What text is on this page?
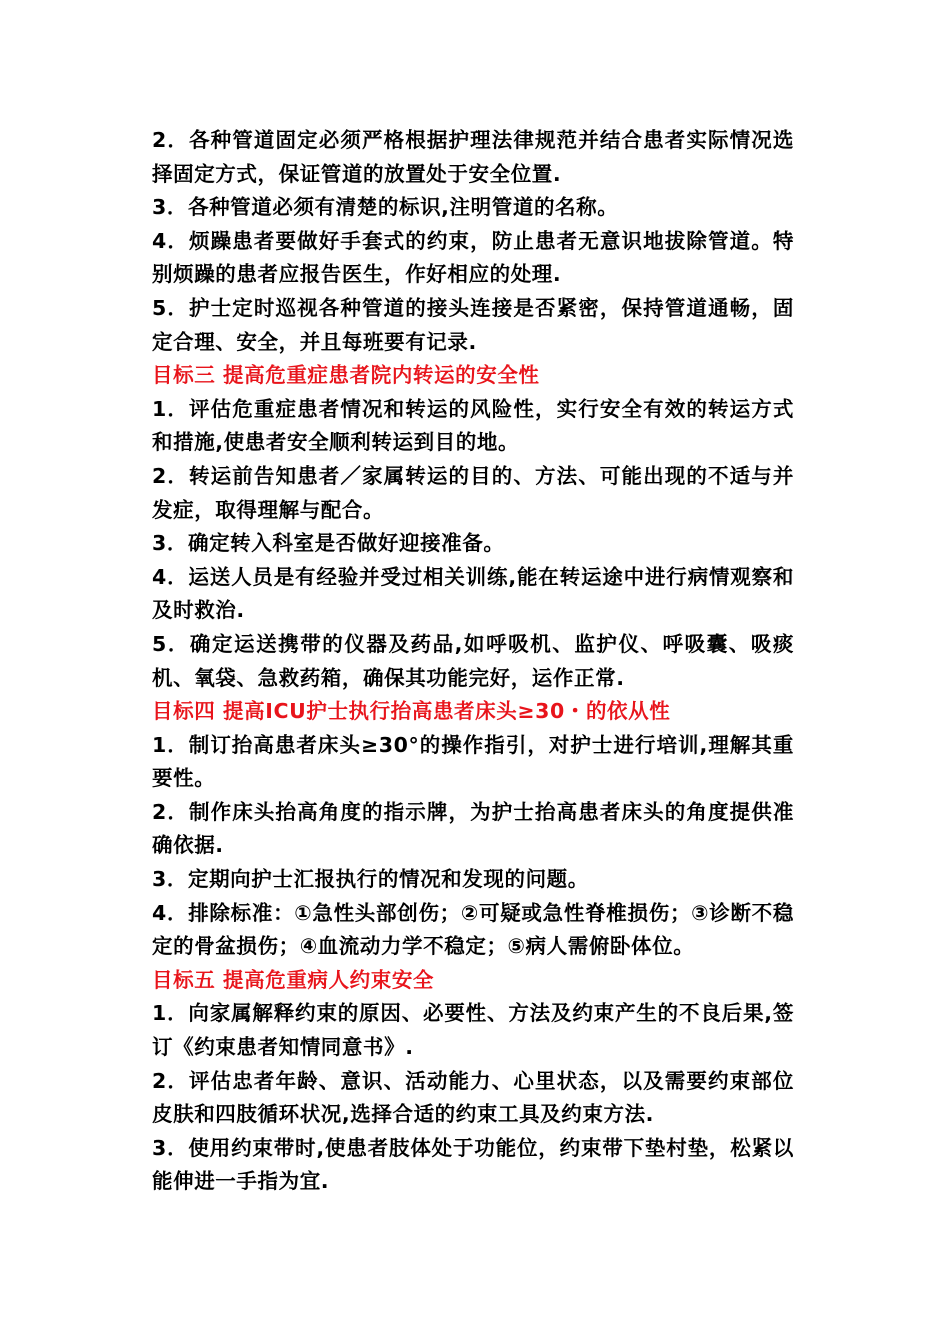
2．各种管道固定必须严格根据护理法律规范并结合患者实际情况选择固定方式，保证管道的放置处于安全位置.

3．各种管道必须有清楚的标识,注明管道的名称。

4．烦躁患者要做好手套式的约束，防止患者无意识地拔除管道。特别烦躁的患者应报告医生，作好相应的处理.

5．护士定时巡视各种管道的接头连接是否紧密，保持管道通畅，固定合理、安全，并且每班要有记录.

目标三 提高危重症患者院内转运的安全性

1．评估危重症患者情况和转运的风险性，实行安全有效的转运方式和措施,使患者安全顺利转运到目的地。

2．转运前告知患者／家属转运的目的、方法、可能出现的不适与并发症，取得理解与配合。

3．确定转入科室是否做好迎接准备。

4．运送人员是有经验并受过相关训练,能在转运途中进行病情观察和及时救治.

5．确定运送携带的仪器及药品,如呼吸机、监护仪、呼吸囊、吸痰机、氧袋、急救药箱，确保其功能完好，运作正常.

目标四 提高ICU护士执行抬高患者床头≥30・的依从性

1．制订抬高患者床头≥30°的操作指引，对护士进行培训,理解其重要性。

2．制作床头抬高角度的指示牌，为护士抬高患者床头的角度提供准确依据.

3．定期向护士汇报执行的情况和发现的问题。

4．排除标准：①急性头部创伤；②可疑或急性脊椎损伤；③诊断不稳定的骨盆损伤；④血流动力学不稳定；⑤病人需俯卧体位。

目标五 提高危重病人约束安全

1．向家属解释约束的原因、必要性、方法及约束产生的不良后果,签订《约束患者知情同意书》.

2．评估忠者年龄、意识、活动能力、心里状态，以及需要约束部位皮肤和四肢循环状况,选择合适的约束工具及约束方法.

3．使用约束带时,使患者肢体处于功能位，约束带下垫村垫，松紧以能伸进一手指为宜.
